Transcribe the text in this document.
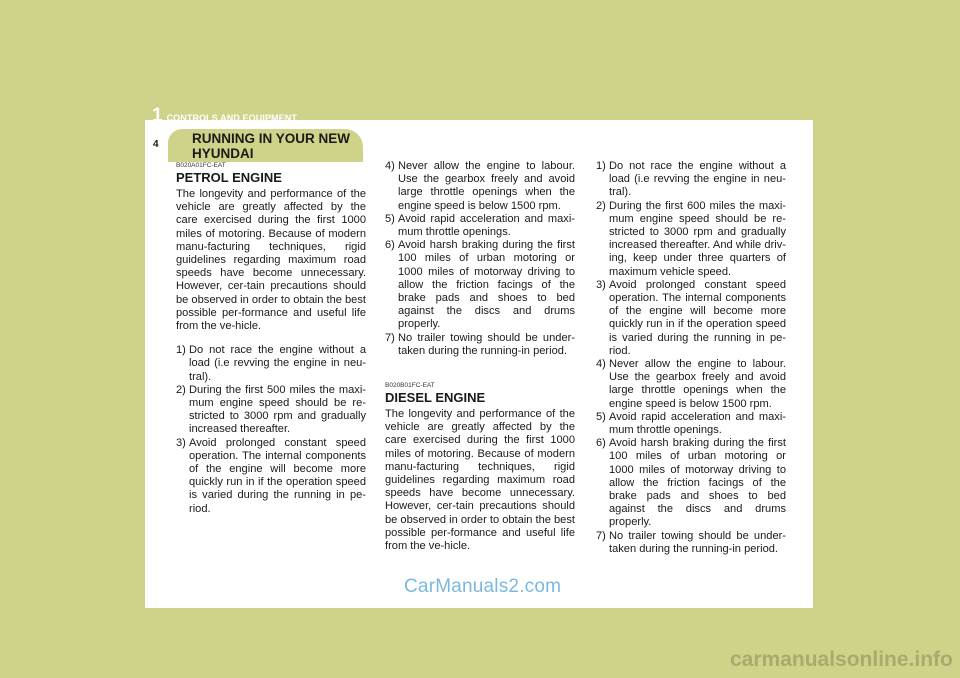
1 CONTROLS AND EQUIPMENT
4 RUNNING IN YOUR NEW HYUNDAI
B020A01FC-EAT
PETROL ENGINE

The longevity and performance of the vehicle are greatly affected by the care exercised during the first 1000 miles of motoring. Because of modern manu-facturing techniques, rigid guidelines regarding maximum road speeds have become unnecessary. However, cer-tain precautions should be observed in order to obtain the best possible per-formance and useful life from the ve-hicle.

1) Do not race the engine without a load (i.e revving the engine in neu-tral).
2) During the first 500 miles the maxi-mum engine speed should be re-stricted to 3000 rpm and gradually increased thereafter.
3) Avoid prolonged constant speed operation. The internal components of the engine will become more quickly run in if the operation speed is varied during the running in pe-riod.
4) Never allow the engine to labour. Use the gearbox freely and avoid large throttle openings when the engine speed is below 1500 rpm.
5) Avoid rapid acceleration and maxi-mum throttle openings.
6) Avoid harsh braking during the first 100 miles of urban motoring or 1000 miles of motorway driving to allow the friction facings of the brake pads and shoes to bed against the discs and drums properly.
7) No trailer towing should be under-taken during the running-in period.
B020B01FC-EAT
DIESEL ENGINE

The longevity and performance of the vehicle are greatly affected by the care exercised during the first 1000 miles of motoring. Because of modern manu-facturing techniques, rigid guidelines regarding maximum road speeds have become unnecessary. However, cer-tain precautions should be observed in order to obtain the best possible per-formance and useful life from the ve-hicle.

1) Do not race the engine without a load (i.e revving the engine in neu-tral).
2) During the first 600 miles the maxi-mum engine speed should be re-stricted to 3000 rpm and gradually increased thereafter. And while driv-ing, keep under three quarters of maximum vehicle speed.
3) Avoid prolonged constant speed operation. The internal components of the engine will become more quickly run in if the operation speed is varied during the running in pe-riod.
4) Never allow the engine to labour. Use the gearbox freely and avoid large throttle openings when the engine speed is below 1500 rpm.
5) Avoid rapid acceleration and maxi-mum throttle openings.
6) Avoid harsh braking during the first 100 miles of urban motoring or 1000 miles of motorway driving to allow the friction facings of the brake pads and shoes to bed against the discs and drums properly.
7) No trailer towing should be under-taken during the running-in period.
CarManuals2.com
carmanualsonline.info
